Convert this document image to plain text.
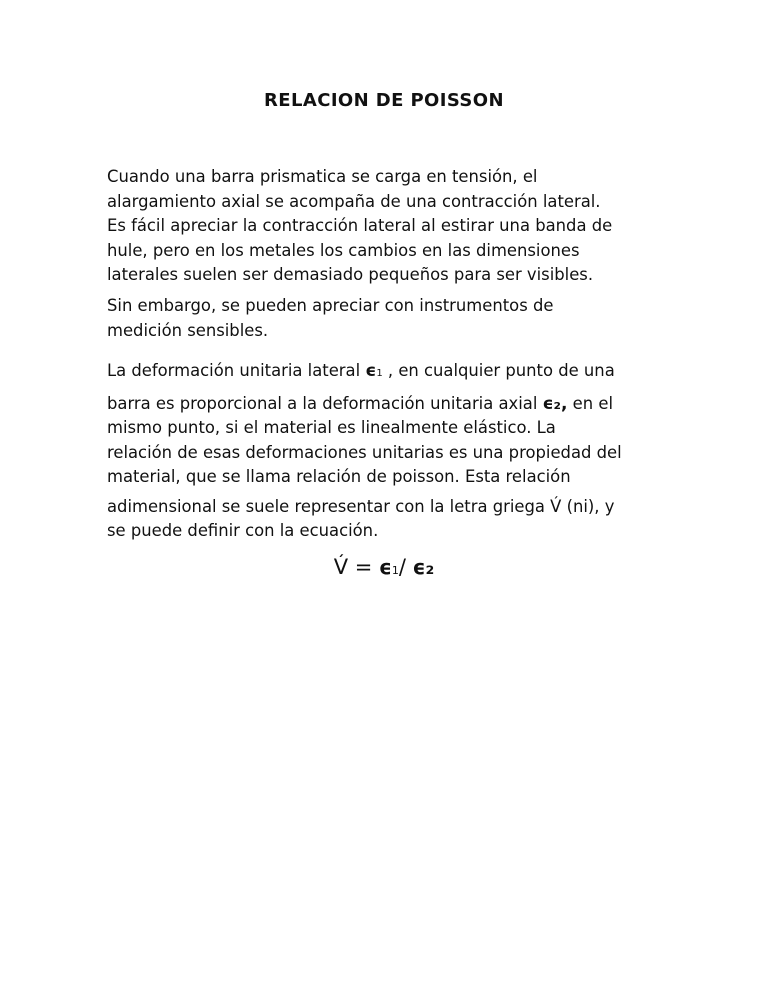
RELACION DE POISSON
Cuando una barra prismatica se carga en tensión, el
alargamiento axial se acompaña de una contracción lateral.
Es fácil apreciar la contracción lateral al estirar una banda de
hule, pero en los metales los cambios en las dimensiones
laterales suelen ser demasiado pequeños para ser visibles.
Sin embargo, se pueden apreciar con instrumentos de
medición sensibles.
La deformación unitaria lateral ϵ1 , en cualquier punto de una
barra es proporcional a la deformación unitaria axial ϵ₂, en el
mismo punto, si el material es linealmente elástico. La
relación de esas deformaciones unitarias es una propiedad del
material, que se llama relación de poisson. Esta relación
adimensional se suele representar con la letra griega V́ (ni), y
se puede definir con la ecuación.
V́ = ϵ1/ ϵ₂
